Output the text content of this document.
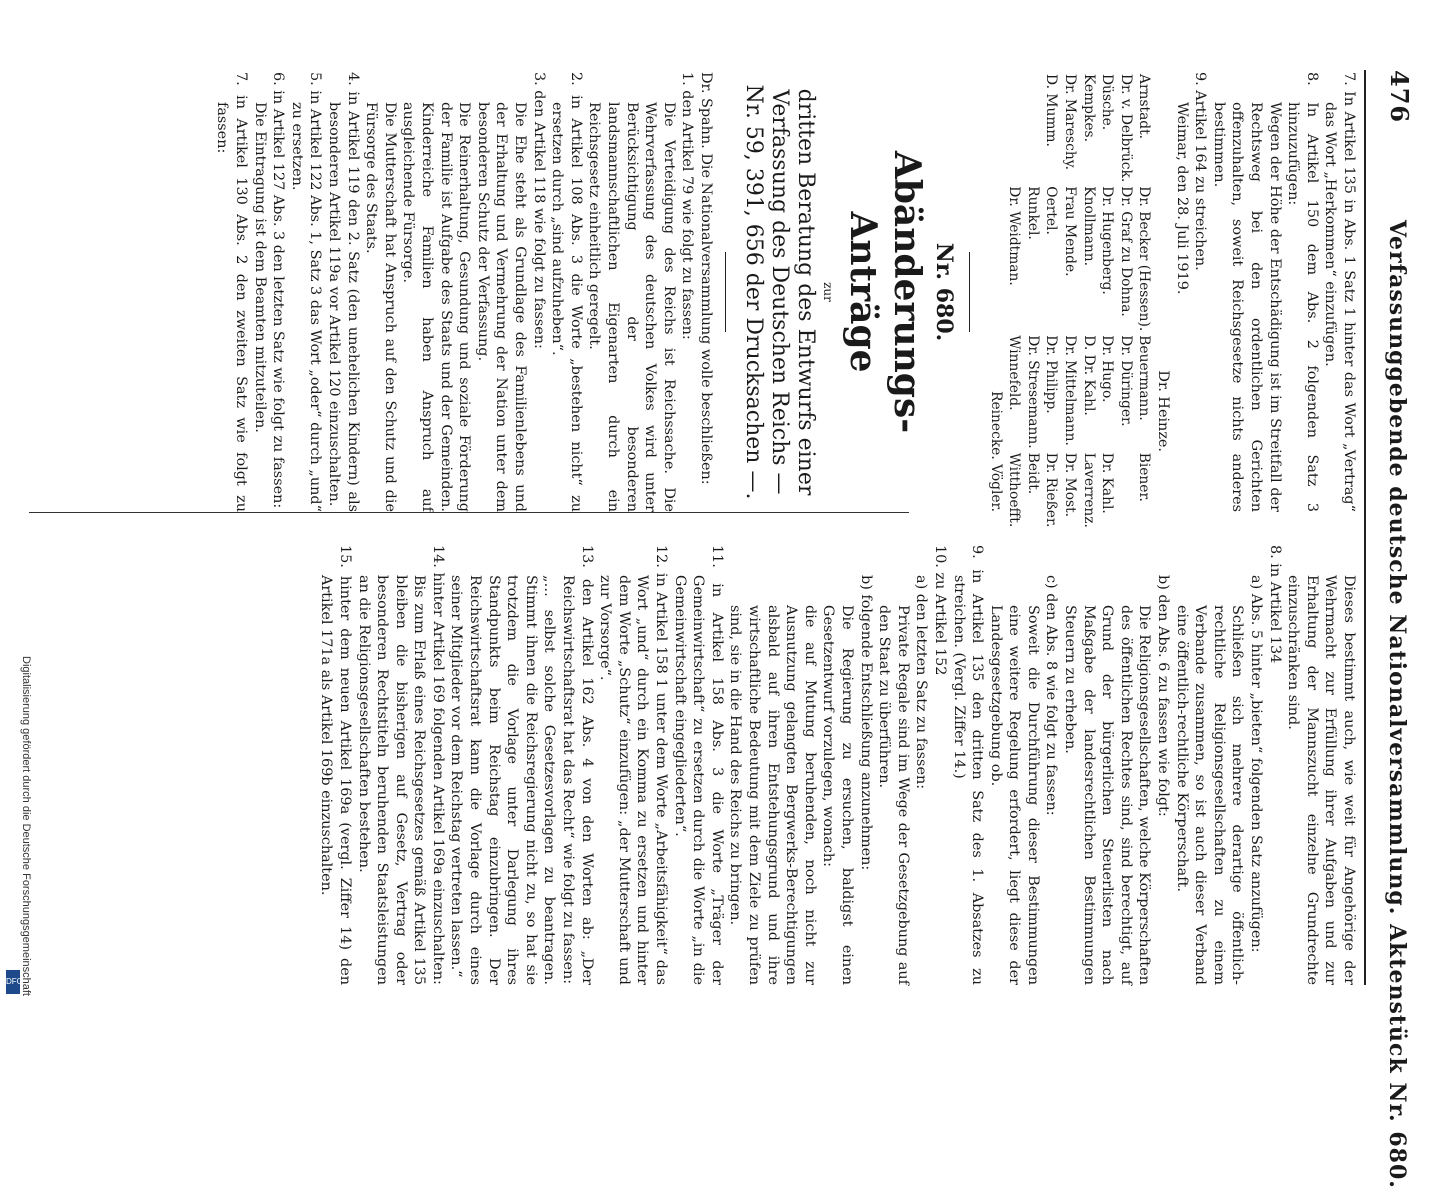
476
Verfassunggebende deutsche Nationalversammlung. Aktenstück Nr. 680.

7. In Artikel 135 in Abs. 1 Satz 1 hinter das Wort „Vertrag“ das Wort „Herkommen“ einzufügen.

8. In Artikel 150 dem Abs. 2 folgenden Satz 3 hinzuzufügen:

Wegen der Höhe der Entschädigung ist im Streitfall der Rechtsweg bei den ordentlichen Gerichten offenzuhalten, soweit Reichsgesetze nichts anderes bestimmen.

9. Artikel 164 zu streichen.

Weimar, den 28. Juli 1919.

Dr. Heinze.

Arnstadt.	Dr. Becker (Hessen).	Beuermann.	Biener.
Dr. v. Delbrück.	Dr. Graf zu Dohna.	Dr. Düringer.	
Düsche.	Dr. Hugenberg.	Dr. Hugo.	Dr. Kahl.
Kempkes.	Knollmann.	D. Dr. Kahl.	Laverrenz.
Dr. Mareschy.	Frau Mende.	Dr. Mittelmann.	Dr. Most.
D. Mumm.	Oertel.	Dr. Philipp.	Dr. Rießer.
	Runkel.	Dr. Stresemann.	Beidt.
	Dr. Weidtman.	Winnefeld.	Witthoefft.

Reinecke. Vögler.

Nr. 680.

Abänderungs-Anträge

zur

dritten Beratung des Entwurfs einer Verfassung des Deutschen Reichs — Nr. 59, 391, 656 der Drucksachen —.

Dr. Spahn. Die Nationalversammlung wolle beschließen:

1. den Artikel 79 wie folgt zu fassen:

Die Verteidigung des Reichs ist Reichssache. Die Wehrverfassung des deutschen Volkes wird unter Berücksichtigung der besonderen landsmannschaftlichen Eigenarten durch ein Reichsgesetz einheitlich geregelt.

2. in Artikel 108 Abs. 3 die Worte „bestehen nicht“ zu ersetzen durch „sind aufzuheben“.

3. den Artikel 118 wie folgt zu fassen:

Die Ehe steht als Grundlage des Familienlebens und der Erhaltung und Vermehrung der Nation unter dem besonderen Schutz der Verfassung.

Die Reinerhaltung, Gesundung und soziale Förderung der Familie ist Aufgabe des Staats und der Gemeinden. Kinderreiche Familien haben Anspruch auf ausgleichende Fürsorge.

Die Mutterschaft hat Anspruch auf den Schutz und die Fürsorge des Staats.

4. in Artikel 119 den 2. Satz (den unehelichen Kindern) als besonderen Artikel 119a vor Artikel 120 einzuschalten.

5. in Artikel 122 Abs. 1, Satz 3 das Wort „oder“ durch „und“ zu ersetzen.

6. in Artikel 127 Abs. 3 den letzten Satz wie folgt zu fassen:

Die Eintragung ist dem Beamten mitzuteilen.

7. in Artikel 130 Abs. 2 den zweiten Satz wie folgt zu fassen:

Dieses bestimmt auch, wie weit für Angehörige der Wehrmacht zur Erfüllung ihrer Aufgaben und zur Erhaltung der Mannszucht einzelne Grundrechte einzuschränken sind.

8. in Artikel 134

a) Abs. 5 hinter „bieten“ folgenden Satz anzufügen:

Schließen sich mehrere derartige öffentlich-rechtliche Religionsgesellschaften zu einem Verbande zusammen, so ist auch dieser Verband eine öffentlich-rechtliche Körperschaft.

b) den Abs. 6 zu fassen wie folgt:

Die Religionsgesellschaften, welche Körperschaften des öffentlichen Rechtes sind, sind berechtigt, auf Grund der bürgerlichen Steuerlisten nach Maßgabe der landesrechtlichen Bestimmungen Steuern zu erheben.

c) den Abs. 8 wie folgt zu fassen:

Soweit die Durchführung dieser Bestimmungen eine weitere Regelung erfordert, liegt diese der Landesgesetzgebung ob.

9. in Artikel 135 den dritten Satz des 1. Absatzes zu streichen. (Vergl. Ziffer 14.)

10. zu Artikel 152

a) den letzten Satz zu fassen:

Private Regale sind im Wege der Gesetzgebung auf den Staat zu überführen.

b) folgende Entschließung anzunehmen:

Die Regierung zu ersuchen, baldigst einen Gesetzentwurf vorzulegen, wonach:

die auf Mutung beruhenden, noch nicht zur Ausnutzung gelangten Bergwerks-Berechtigungen alsbald auf ihren Entstehungsgrund und ihre wirtschaftliche Bedeutung mit dem Ziele zu prüfen sind, sie in die Hand des Reichs zu bringen.

11. in Artikel 158 Abs. 3 die Worte „Träger der Gemeinwirtschaft“ zu ersetzen durch die Worte „in die Gemeinwirtschaft eingegliederten“.

12. in Artikel 158 1 unter dem Worte „Arbeitsfähigkeit“ das Wort „und“ durch ein Komma zu ersetzen und hinter dem Worte „Schutz“ einzufügen: „der Mutterschaft und zur Vorsorge“.

13. den Artikel 162 Abs. 4 von den Worten ab: „Der Reichswirtschaftsrat hat das Recht“ wie folgt zu fassen:

„… selbst solche Gesetzesvorlagen zu beantragen. Stimmt ihnen die Reichsregierung nicht zu, so hat sie trotzdem die Vorlage unter Darlegung ihres Standpunkts beim Reichstag einzubringen. Der Reichswirtschaftsrat kann die Vorlage durch eines seiner Mitglieder vor dem Reichstag vertreten lassen.“

14. hinter Artikel 169 folgenden Artikel 169a einzuschalten:

Bis zum Erlaß eines Reichsgesetzes gemäß Artikel 135 bleiben die bisherigen auf Gesetz, Vertrag oder besonderen Rechtstiteln beruhenden Staatsleistungen an die Religionsgesellschaften bestehen.

15. hinter dem neuen Artikel 169a (vergl. Ziffer 14) den Artikel 171a als Artikel 169b einzuschalten.

Digitalisierung gefördert durch die Deutsche Forschungsgemeinschaft
DFG
